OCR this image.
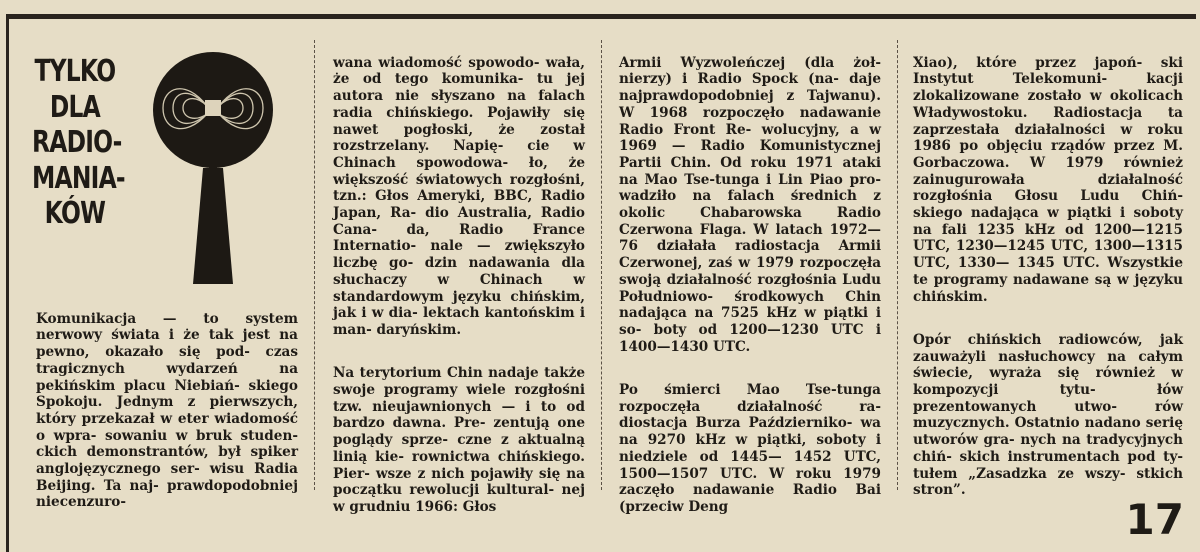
TYLKO
DLA
RADIO-
MANIA-
KÓW

Komunikacja — to system nerwowy świata i że tak jest na pewno, okazało się pod- czas tragicznych wydarzeń na pekińskim placu Niebiań- skiego Spokoju. Jednym z pierwszych, który przekazał w eter wiadomość o wpra- sowaniu w bruk studen- ckich demonstrantów, był spiker anglojęzycznego ser- wisu Radia Beijing. Ta naj- prawdopodobniej niecenzuro-

wana wiadomość spowodo- wała, że od tego komunika- tu jej autora nie słyszano na falach radia chińskiego. Pojawiły się nawet pogłoski, że został rozstrzelany. Napię- cie w Chinach spowodowa- ło, że większość światowych rozgłośni, tzn.: Głos Ameryki, BBC, Radio Japan, Ra- dio Australia, Radio Cana- da, Radio France Internatio- nale — zwiększyło liczbę go- dzin nadawania dla słuchaczy w Chinach w standardowym języku chińskim, jak i w dia- lektach kantońskim i man- daryńskim.

Na terytorium Chin nadaje także swoje programy wiele rozgłośni tzw. nieujawnionych — i to od bardzo dawna. Pre- zentują one poglądy sprze- czne z aktualną linią kie- rownictwa chińskiego. Pier- wsze z nich pojawiły się na początku rewolucji kultural- nej w grudniu 1966: Głos

Armii Wyzwoleńczej (dla żoł- nierzy) i Radio Spock (na- daje najprawdopodobniej z Tajwanu). W 1968 rozpoczęło nadawanie Radio Front Re- wolucyjny, a w 1969 — Radio Komunistycznej Partii Chin. Od roku 1971 ataki na Mao Tse-tunga i Lin Piao pro- wadziło na falach średnich z okolic Chabarowska Radio Czerwona Flaga. W latach 1972—76 działała radiostacja Armii Czerwonej, zaś w 1979 rozpoczęła swoją działalność rozgłośnia Ludu Południowo- środkowych Chin nadająca na 7525 kHz w piątki i so- boty od 1200—1230 UTC i 1400—1430 UTC.

Po śmierci Mao Tse-tunga rozpoczęła działalność ra- diostacja Burza Październiko- wa na 9270 kHz w piątki, soboty i niedziele od 1445— 1452 UTC, 1500—1507 UTC. W roku 1979 zaczęło nadawanie Radio Bai (przeciw Deng

Xiao), które przez japoń- ski Instytut Telekomuni- kacji zlokalizowane zostało w okolicach Władywostoku. Radiostacja ta zaprzestała działalności w roku 1986 po objęciu rządów przez M. Gorbaczowa. W 1979 również zainugurowała działalność rozgłośnia Głosu Ludu Chiń- skiego nadająca w piątki i soboty na fali 1235 kHz od 1200—1215 UTC, 1230—1245 UTC, 1300—1315 UTC, 1330— 1345 UTC. Wszystkie te programy nadawane są w języku chińskim.

Opór chińskich radiowców, jak zauważyli nasłuchowcy na całym świecie, wyraża się również w kompozycji tytu- łów prezentowanych utwo- rów muzycznych. Ostatnio nadano serię utworów gra- nych na tradycyjnych chiń- skich instrumentach pod ty- tułem „Zasadzka ze wszy- stkich stron”.

17
